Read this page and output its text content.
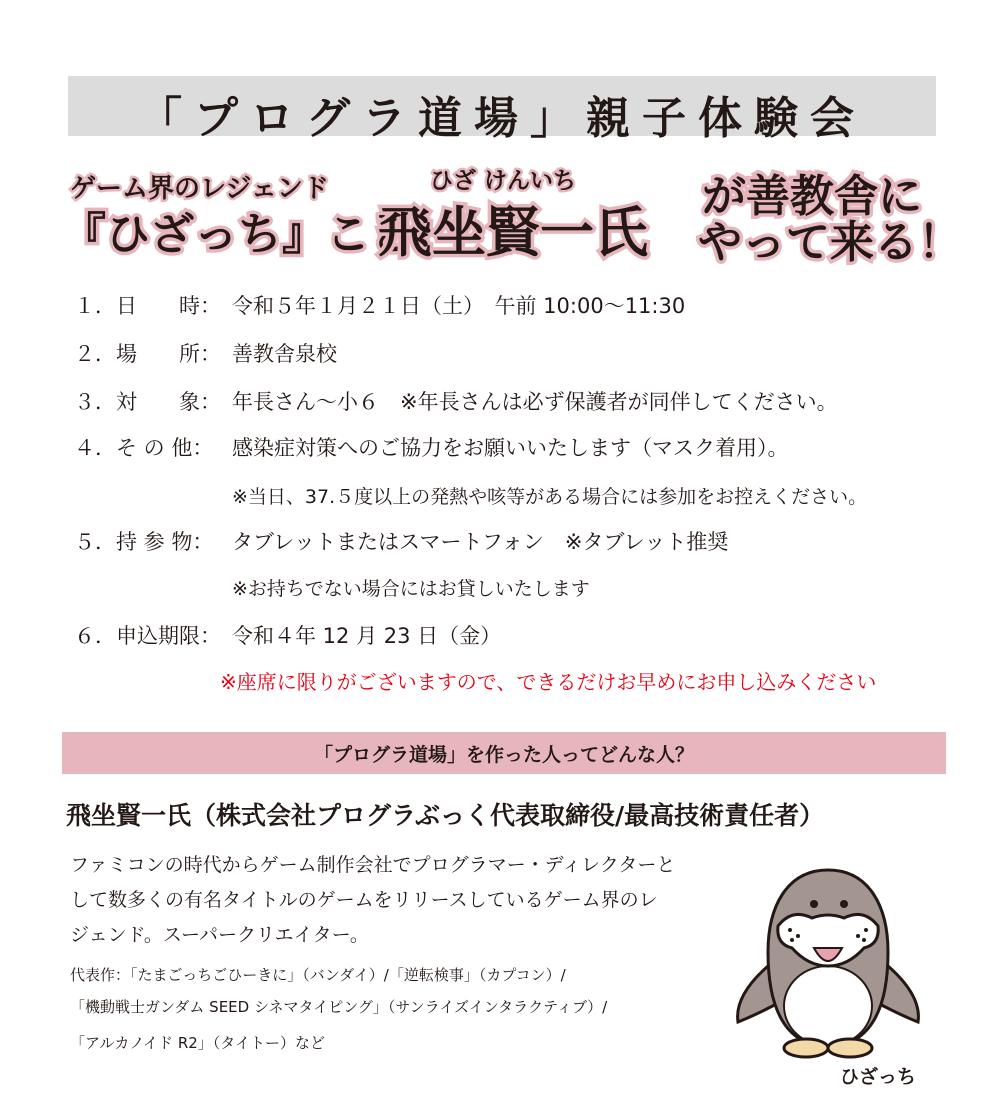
「プログラ道場」親子体験会
ゲーム界のレジェンド
『ひざっち』こと
ひざ けんいち
飛坐賢一氏
が善教舎に
やって来る！
１．日　　時： 令和５年１月２１日（土）　午前 10:00〜11:30
２．場　　所： 善教舎泉校
３．対　　象： 年長さん〜小６　※年長さんは必ず保護者が同伴してください。
４．そ の 他： 感染症対策へのご協力をお願いいたします（マスク着用）。
※当日、37.５度以上の発熱や咳等がある場合には参加をお控えください。
５．持 参 物： タブレットまたはスマートフォン　※タブレット推奨
※お持ちでない場合にはお貸しいたします
６．申込期限： 令和４年 12 月 23 日（金）
※座席に限りがございますので、できるだけお早めにお申し込みください
「プログラ道場」を作った人ってどんな人？
飛坐賢一氏（株式会社プログラぶっく代表取締役/最高技術責任者）
ファミコンの時代からゲーム制作会社でプログラマー・ディレクターと
して数多くの有名タイトルのゲームをリリースしているゲーム界のレ
ジェンド。スーパークリエイター。
代表作：「たまごっちごひーきに」（バンダイ）/「逆転検事」（カプコン）/
「機動戦士ガンダム SEED シネマタイピング」（サンライズインタラクティブ）/
「アルカノイド R2」（タイトー）など
ひざっち
